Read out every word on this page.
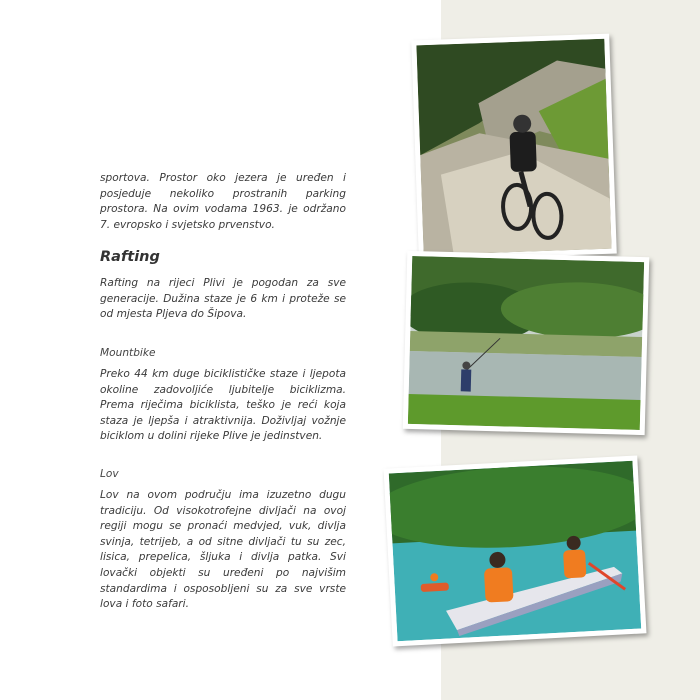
sportova. Prostor oko jezera je uređen i posjeduje nekoliko prostranih parking prostora. Na ovim vodama 1963. je održano 7. evropsko i svjetsko prvenstvo.

Rafting

Rafting na rijeci Plivi je pogodan za sve generacije. Dužina staze je 6 km i proteže se od mjesta Pljeva do Šipova.

Mountbike

Preko 44 km duge biciklističke staze i ljepota okoline zadovoljiće ljubitelje biciklizma. Prema riječima biciklista, teško je reći koja staza je ljepša i atraktivnija. Doživljaj vožnje biciklom u dolini rijeke Plive je jedinstven.

Lov

Lov na ovom području ima izuzetno dugu tradiciju. Od visokotrofejne divljači na ovoj regiji mogu se pronaći medvjed, vuk, divlja svinja, tetrijeb, a od sitne divljači tu su zec, lisica, prepelica, šljuka i divlja patka. Svi lovački objekti su uređeni po najvišim standardima i osposobljeni su za sve vrste lova i foto safari.
